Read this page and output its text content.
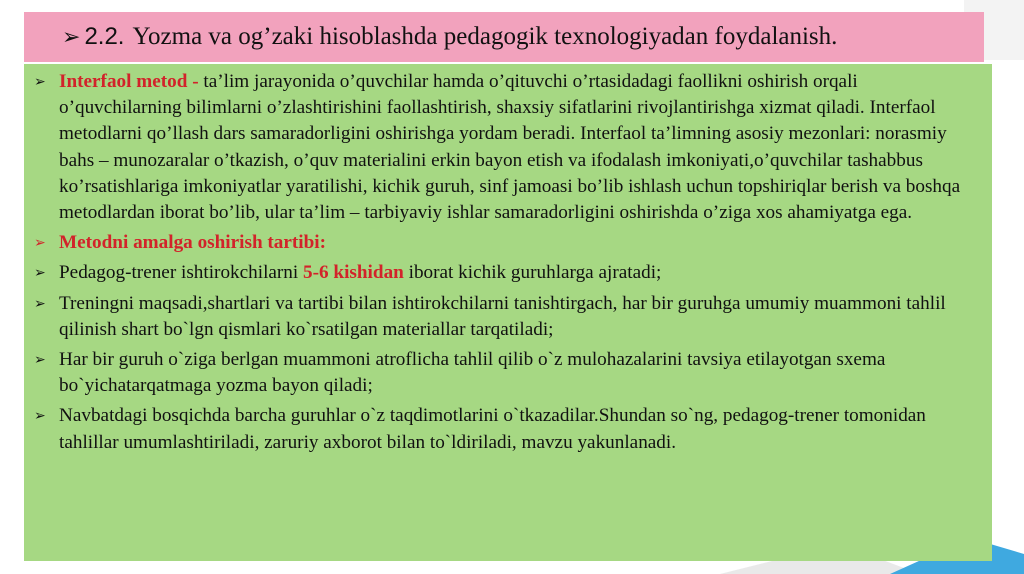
➢ 2.2. Yozma va og’zaki hisoblashda pedagogik texnologiyadan foydalanish.

➢ Interfaol metod - ta’lim jarayonida o’quvchilar hamda o’qituvchi o’rtasidadagi faollikni oshirish orqali o’quvchilarning bilimlarni o’zlashtirishini faollashtirish, shaxsiy sifatlarini rivojlantirishga xizmat qiladi. Interfaol metodlarni qo’llash dars samaradorligini oshirishga yordam beradi. Interfaol ta’limning asosiy mezonlari: norasmiy bahs – munozaralar o’tkazish, o’quv materialini erkin bayon etish va ifodalash imkoniyati,o’quvchilar tashabbus ko’rsatishlariga imkoniyatlar yaratilishi, kichik guruh, sinf jamoasi bo’lib ishlash uchun topshiriqlar berish va boshqa metodlardan iborat bo’lib, ular ta’lim – tarbiyaviy ishlar samaradorligini oshirishda o’ziga xos ahamiyatga ega.

➢ Metodni amalga oshirish tartibi:

➢ Pedagog-trener ishtirokchilarni 5-6 kishidan iborat kichik guruhlarga ajratadi;

➢ Treningni maqsadi,shartlari va tartibi bilan ishtirokchilarni tanishtirgach, har bir guruhga umumiy muammoni tahlil qilinish shart bo`lgn qismlari ko`rsatilgan materiallar tarqatiladi;

➢ Har bir guruh o`ziga berlgan muammoni atroflicha tahlil qilib o`z mulohazalarini tavsiya etilayotgan sxema bo`yichatarqatmaga yozma bayon qiladi;

➢ Navbatdagi bosqichda barcha guruhlar o`z taqdimotlarini o`tkazadilar.Shundan so`ng, pedagog-trener tomonidan tahlillar umumlashtiriladi, zaruriy axborot bilan to`ldiriladi, mavzu yakunlanadi.
